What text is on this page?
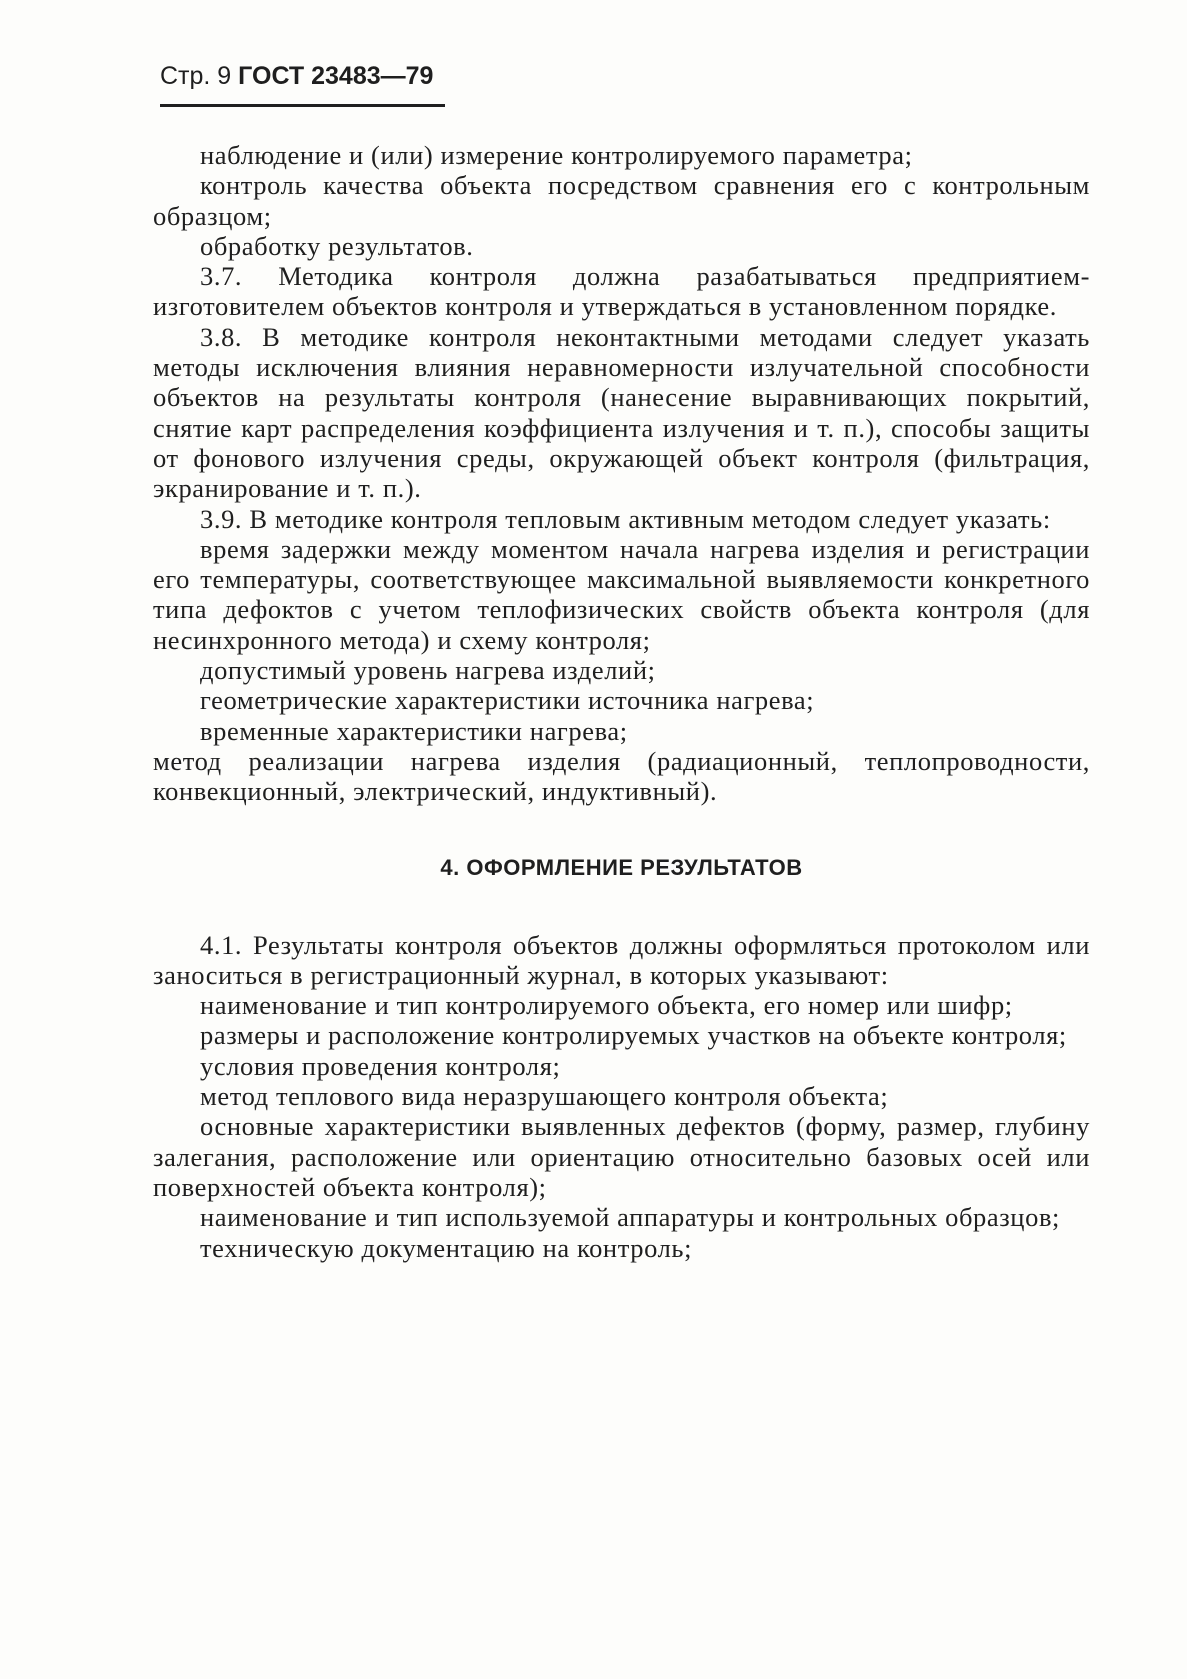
Стр. 9 ГОСТ 23483—79

наблюдение и (или) измерение контролируемого параметра;

контроль качества объекта посредством сравнения его с контрольным образцом;

обработку результатов.

3.7. Методика контроля должна разабатываться предприятием-изготовителем объектов контроля и утверждаться в установленном порядке.

3.8. В методике контроля неконтактными методами следует указать методы исключения влияния неравномерности излучательной способности объектов на результаты контроля (нанесение выравнивающих покрытий, снятие карт распределения коэффициента излучения и т. п.), способы защиты от фонового излучения среды, окружающей объект контроля (фильтрация, экранирование и т. п.).

3.9. В методике контроля тепловым активным методом следует указать:

время задержки между моментом начала нагрева изделия и регистрации его температуры, соответствующее максимальной выявляемости конкретного типа дефоктов с учетом теплофизических свойств объекта контроля (для несинхронного метода) и схему контроля;

допустимый уровень нагрева изделий;

геометрические характеристики источника нагрева;

временные характеристики нагрева;

метод реализации нагрева изделия (радиационный, теплопроводности, конвекционный, электрический, индуктивный).

4. ОФОРМЛЕНИЕ РЕЗУЛЬТАТОВ

4.1. Результаты контроля объектов должны оформляться протоколом или заноситься в регистрационный журнал, в которых указывают:

наименование и тип контролируемого объекта, его номер или шифр;

размеры и расположение контролируемых участков на объекте контроля;

условия проведения контроля;

метод теплового вида неразрушающего контроля объекта;

основные характеристики выявленных дефектов (форму, размер, глубину залегания, расположение или ориентацию относительно базовых осей или поверхностей объекта контроля);

наименование и тип используемой аппаратуры и контрольных образцов;

техническую документацию на контроль;
